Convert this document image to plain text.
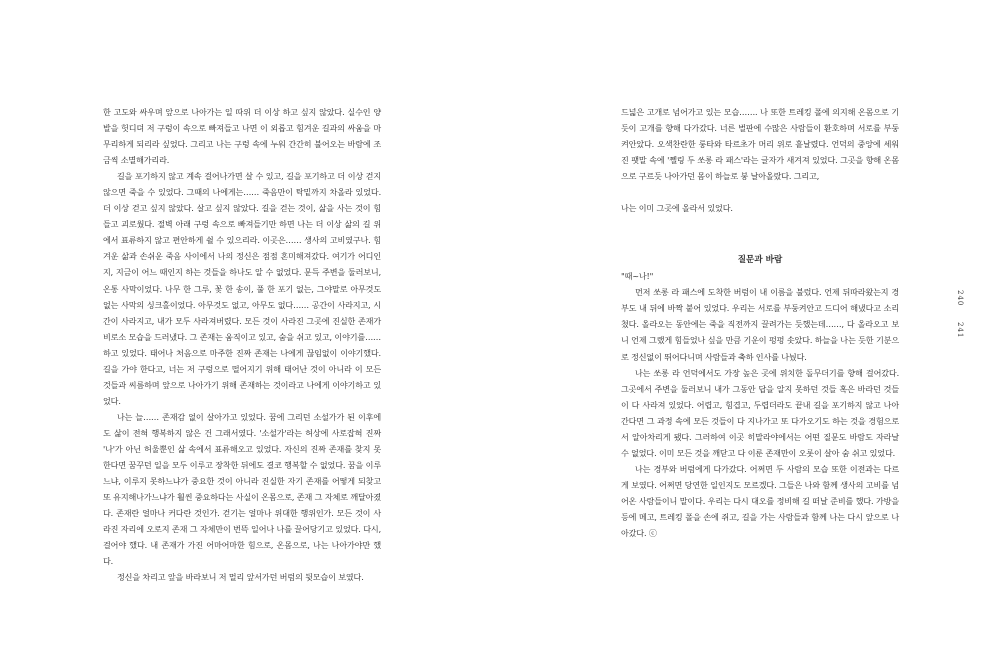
한 고도와 싸우며 앞으로 나아가는 일 따위 더 이상 하고 싶지 않았다. 실수인 양 발을 헛디뎌 저 구렁이 속으로 빠져들고 나면 이 외롭고 힘겨운 길과의 싸움을 마무리하게 되리라 싶었다. 그리고 나는 구렁 속에 누워 간간히 불어오는 바람에 조금씩 소멸해가리라.

길을 포기하지 않고 계속 걸어나가면 살 수 있고, 길을 포기하고 더 이상 걷지 않으면 죽을 수 있었다. 그때의 나에게는…… 죽음만이 탁밑까지 차올라 있었다. 더 이상 걷고 싶지 않았다. 살고 싶지 않았다. 길을 걷는 것이, 삶을 사는 것이 힘들고 괴로웠다. 절벽 아래 구렁 속으로 빠져들기만 하면 나는 더 이상 삶의 길 위에서 표류하지 않고 편안하게 쉴 수 있으리라. 이곳은…… 생사의 고비였구나. 힘겨운 삶과 손쉬운 죽음 사이에서 나의 정신은 점점 혼미해져갔다. 여기가 어디인지, 지금이 어느 때인지 하는 것들을 하나도 알 수 없었다. 문득 주변을 둘러보니, 온통 사막이었다. 나무 한 그루, 꽃 한 송이, 풀 한 포기 없는, 그야말로 아무것도 없는 사막의 싱크홀이었다. 아무것도 없고, 아무도 없다…… 공간이 사라지고, 시간이 사라지고, 내가 모두 사라져버렸다. 모든 것이 사라진 그곳에 진실한 존재가 비로소 모습을 드러냈다. 그 존재는 움직이고 있고, 숨을 쉬고 있고, 이야기를…… 하고 있었다. 태어나 처음으로 마주한 진짜 존재는 나에게 끊임없이 이야기했다. 길을 가야 한다고, 너는 저 구렁으로 떨어지기 위해 태어난 것이 아니라 이 모든 것들과 씨름하며 앞으로 나아가기 위해 존재하는 것이라고 나에게 이야기하고 있었다.

나는 늘…… 존재감 없이 살아가고 있었다. 꿈에 그리던 소설가가 된 이후에도 삶이 전혀 행복하지 않은 건 그래서였다. '소설가'라는 허상에 사로잡혀 진짜 '나'가 아닌 허울뿐인 삶 속에서 표류해오고 있었다. 자신의 진짜 존재를 찾지 못한다면 꿈꾸던 일을 모두 이루고 장착한 뒤에도 결코 행복할 수 없었다. 꿈을 이루느냐, 이루지 못하느냐가 중요한 것이 아니라 진실한 자기 존재를 어떻게 되찾고 또 유지해나가느냐가 훨씬 중요하다는 사실이 온몸으로, 존재 그 자체로 깨달아졌다. 존재란 얼마나 커다란 것인가. 걷기는 얼마나 위대한 행위인가. 모든 것이 사라진 자리에 오로지 존재 그 자체만이 번뜩 일어나 나를 끌어당기고 있었다. 다시, 걸어야 했다. 내 존재가 가진 어마어마한 힘으로, 온몸으로, 나는 나아가야만 했다.

정신을 차리고 앞을 바라보니 저 멀리 앞서가던 버럼의 뒷모습이 보였다.

드넓은 고개로 넘어가고 있는 모습……. 나 또한 트레킹 폴에 의지해 온몸으로 기듯이 고개를 향해 다가갔다. 너른 벌판에 수많은 사람들이 환호하며 서로를 부둥켜안았다. 오색찬란한 룽타와 타르초가 머리 위로 흩날렸다. 언덕의 중앙에 세워진 팻말 속에 '쩰링 두 쏘롱 라 패스'라는 글자가 새겨져 있었다. 그곳을 향해 온몸으로 구르듯 나아가던 몸이 하늘로 붕 날아올랐다. 그리고,

나는 이미 그곳에 올라서 있었다.

질문과 바람

"때~나!"

먼저 쏘롱 라 패스에 도착한 버럼이 내 이름을 불렀다. 언제 뒤따라왔는지 경부도 내 뒤에 바짝 붙어 있었다. 우리는 서로를 부둥켜안고 드디어 해냈다고 소리쳤다. 올라오는 동안에는 죽을 직전까지 끌려가는 듯했는데……, 다 올라오고 보니 언제 그랬게 힘들었나 싶을 만큼 기운이 펑펑 솟았다. 하늘을 나는 듯한 기분으로 정신없이 뛰어다니며 사람들과 축하 인사를 나눴다.

나는 쏘롱 라 언덕에서도 가장 높은 곳에 위치한 돌무더기를 향해 걸어갔다. 그곳에서 주변을 둘러보니 내가 그동안 답을 알지 못하던 것들 혹은 바라던 것들이 다 사라져 있었다. 어렵고, 힘겹고, 두렵더라도 끝내 길을 포기하지 않고 나아간다면 그 과정 속에 모든 것들이 다 지나가고 또 다가오기도 하는 것을 경험으로서 알아차리게 됐다. 그러하여 이곳 히말라야에서는 어떤 질문도 바람도 자라날 수 없었다. 이미 모든 것을 깨닫고 다 이룬 존재만이 오롯이 살아 숨 쉬고 있었다.

나는 경부와 버럼에게 다가갔다. 어쩌면 두 사람의 모습 또한 이전과는 다르게 보였다. 어쩌면 당연한 일인지도 모르겠다. 그들은 나와 함께 생사의 고비를 넘어온 사람들이니 말이다. 우리는 다시 대오를 정비해 길 떠날 준비를 했다. 가방을 등에 메고, 트레킹 폴을 손에 쥐고, 길을 가는 사람들과 함께 나는 다시 앞으로 나아갔다. ⓒ

240
241
